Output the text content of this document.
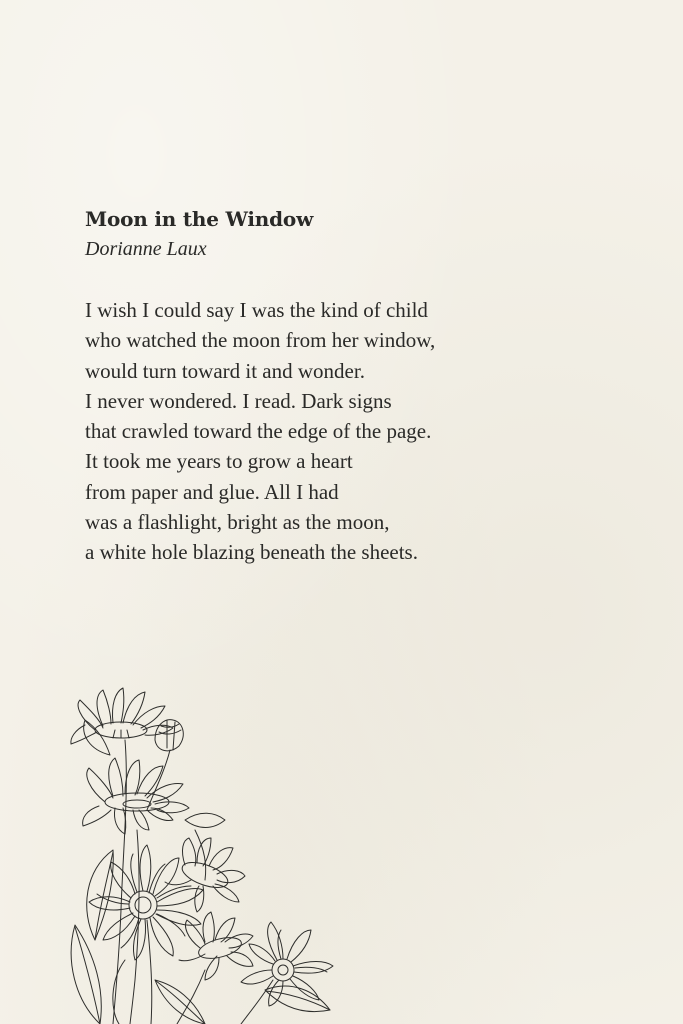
Moon in the Window

Dorianne Laux

I wish I could say I was the kind of child
who watched the moon from her window,
would turn toward it and wonder.
I never wondered. I read. Dark signs
that crawled toward the edge of the page.
It took me years to grow a heart
from paper and glue. All I had
was a flashlight, bright as the moon,
a white hole blazing beneath the sheets.
